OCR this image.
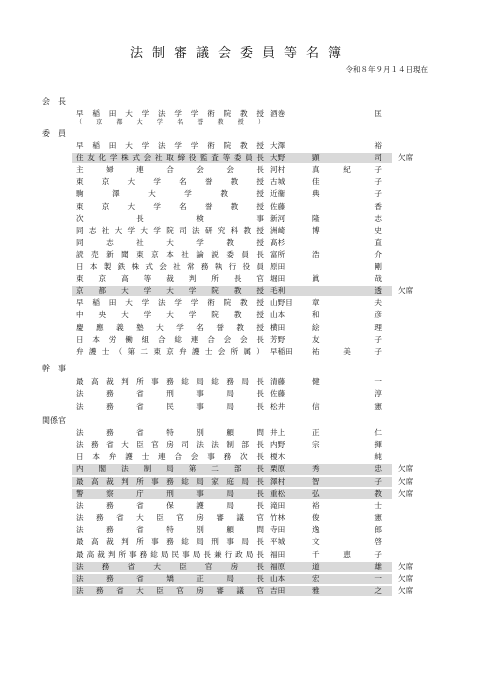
法制審議会委員等名簿
令和８年９月１４日現在
会　長
早稲田大学法学学術院教授 酒巻	匡
（京都大学名誉教授）
委　員
早稲田大学法学学術院教授 大澤	裕
住友化学株式会社取締役監査等委員長 大野	顕司 欠席
主婦連合会会長 河村	真紀子
東京大学名誉教授 古城	佳子
駒澤大学教授 近衞	典子
東京大学名誉教授 佐藤	香
次長検事 新河	隆志
同志社大学大学院司法研究科教授 洲崎	博史
同志社大学教授 髙杉	直
読売新聞東京本社論説委員長 富所	浩介
日本製鉄株式会社常務執行役員 原田	剛
東京高等裁判所長官 堀田	眞哉
京都大学大学院教授 毛利	透 欠席
早稲田大学法学学術院教授 山野目	章夫
中央大学大学院教授 山本	和彦
慶應義塾大学名誉教授 横田	絵理
日本労働組合総連合会会長 芳野	友子
弁護士（第二東京弁護士会所属） 早稲田	祐美子
幹　事
最高裁判所事務総局総務局長 清藤	健一
法務省刑事局長 佐藤	淳
法務省民事局長 松井	信憲
関係官
法務省特別顧問 井上	正仁
法務省大臣官房司法法制部長 内野	宗揮
日本弁護士連合会事務次長 榎木	純
内閣法制局第二部長 栗原	秀忠 欠席
最高裁判所事務総局家庭局長 澤村	智子 欠席
警察庁刑事局長 重松	弘教 欠席
法務省保護局長 滝田	裕士
法務省大臣官房審議官 竹林	俊憲
法務省特別顧問 寺田	逸郎
最高裁判所事務総局刑事局長 平城	文啓
最高裁判所事務総局民事局長兼行政局長 福田	千恵子
法務省大臣官房長 福原	道雄 欠席
法務省矯正局長 山本	宏一 欠席
法務省大臣官房審議官 吉田	雅之 欠席
